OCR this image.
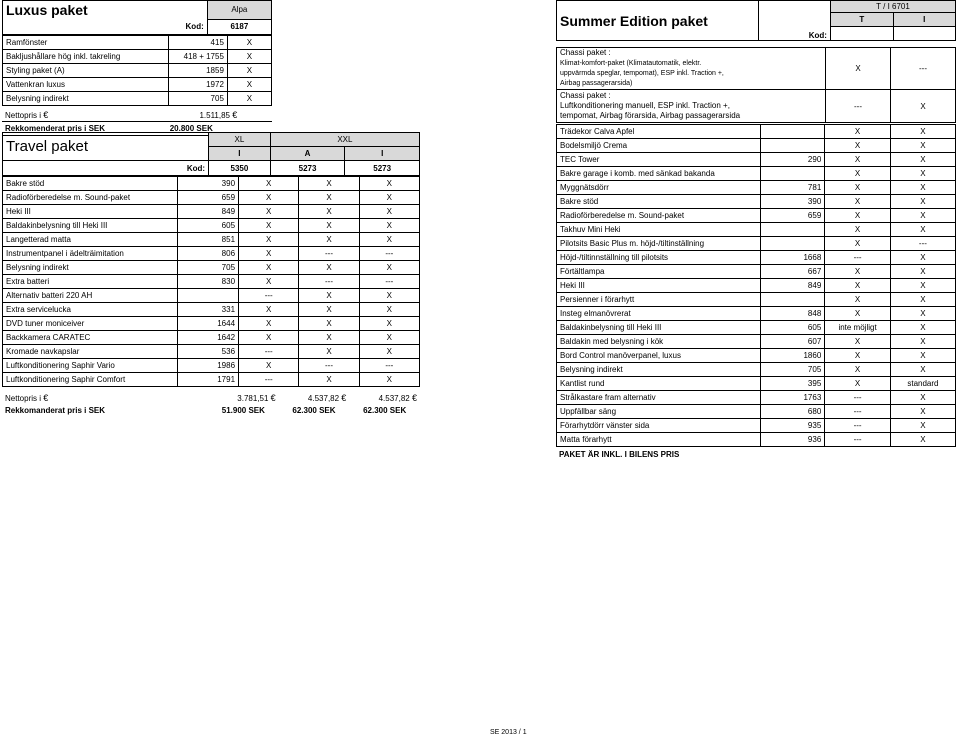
Luxus paket	Alpa
Kod:	6187
Ramfönster	415	X
Bakljushållare hög inkl. takreling	418 + 1755	X
Styling paket (A)	1859	X
Vattenkran luxus	1972	X
Belysning indirekt	705	X
Nettopris i €	1.511,85 €	
Rekkomenderat pris i SEK	20.800 SEK	
Travel paket	XL	XXL	
	I	A	I
Kod:	5350	5273	5273
Bakre stöd	390	X	X	X
Radioförberedelse m. Sound-paket	659	X	X	X
Heki III	849	X	X	X
Baldakinbelysning till Heki III	605	X	X	X
Langetterad matta	851	X	X	X
Instrumentpanel i ädelträimitation	806	X	---	---
Belysning indirekt	705	X	X	X
Extra batteri	830	X	---	---
Alternativ batteri 220 AH		---	X	X
Extra servicelucka	331	X	X	X
DVD tuner moniceiver	1644	X	X	X
Backkamera CARATEC	1642	X	X	X
Kromade navkapslar	536	---	X	X
Luftkonditionering Saphir Vario	1986	X	---	---
Luftkonditionering Saphir Comfort	1791	---	X	X
Nettopris i €	3.781,51 €	4.537,82 €	4.537,82 €
Rekkomanderat pris i SEK	51.900 SEK	62.300 SEK	62.300 SEK
Summer Edition paket	Kod:	T / I 6701	
		T	I

Chassi paket :
Klimat-komfort-paket (Klimatautomatik, elektr.
uppvärmda speglar, tempomat), ESP inkl. Traction +,
Airbag passagerarsida)	X	---
Chassi paket :
Luftkonditionering manuell, ESP inkl. Traction +,
tempomat, Airbag förarsida, Airbag passagerarsida	---	X
Trädekor Calva Apfel		X	X
Bodelsmiljö Crema		X	X
TEC Tower	290	X	X
Bakre garage i komb. med sänkad bakanda		X	X
Myggnätsdörr	781	X	X
Bakre stöd	390	X	X
Radioförberedelse m. Sound-paket	659	X	X
Takhuv Mini Heki		X	X
Pilotsits Basic Plus m. höjd-/tiltinställning		X	---
Höjd-/tiltinnställning till pilotsits	1668	---	X
Förtältlampa	667	X	X
Heki III	849	X	X
Persienner i förarhytt		X	X
Insteg elmanövrerat	848	X	X
Baldakinbelysning till Heki III	605	inte möjligt	X
Baldakin med belysning i kök	607	X	X
Bord Control manöverpanel, luxus	1860	X	X
Belysning indirekt	705	X	X
Kantlist rund	395	X	standard
Strålkastare fram alternativ	1763	---	X
Uppfällbar säng	680	---	X
Förarhytdörr vänster sida	935	---	X
Matta förarhytt	936	---	X
PAKET ÄR INKL. I BILENS PRIS
SE 2013 / 1
